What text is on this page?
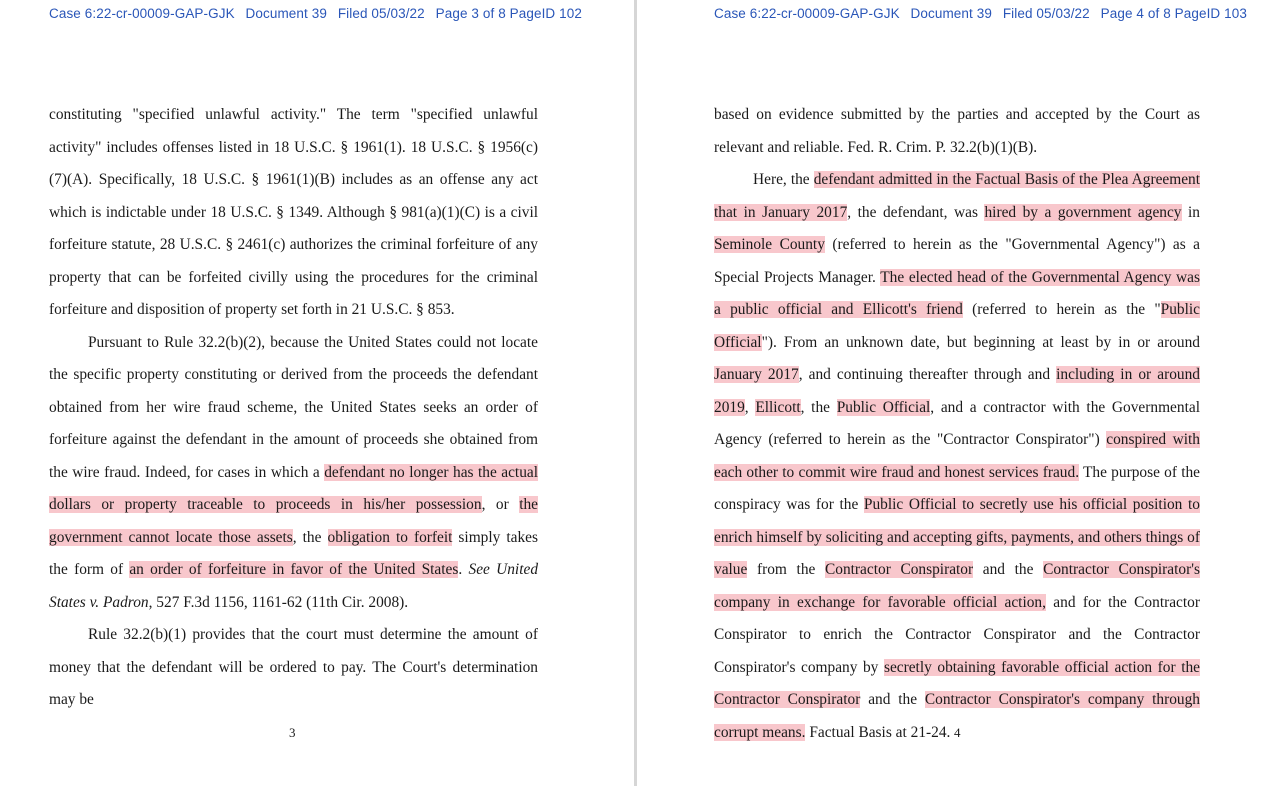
Case 6:22-cr-00009-GAP-GJK Document 39 Filed 05/03/22 Page 3 of 8 PageID 102

constituting "specified unlawful activity." The term "specified unlawful activity" includes offenses listed in 18 U.S.C. § 1961(1). 18 U.S.C. § 1956(c)(7)(A). Specifically, 18 U.S.C. § 1961(1)(B) includes as an offense any act which is indictable under 18 U.S.C. § 1349. Although § 981(a)(1)(C) is a civil forfeiture statute, 28 U.S.C. § 2461(c) authorizes the criminal forfeiture of any property that can be forfeited civilly using the procedures for the criminal forfeiture and disposition of property set forth in 21 U.S.C. § 853.

Pursuant to Rule 32.2(b)(2), because the United States could not locate the specific property constituting or derived from the proceeds the defendant obtained from her wire fraud scheme, the United States seeks an order of forfeiture against the defendant in the amount of proceeds she obtained from the wire fraud. Indeed, for cases in which a defendant no longer has the actual dollars or property traceable to proceeds in his/her possession, or the government cannot locate those assets, the obligation to forfeit simply takes the form of an order of forfeiture in favor of the United States. See United States v. Padron, 527 F.3d 1156, 1161-62 (11th Cir. 2008).

Rule 32.2(b)(1) provides that the court must determine the amount of money that the defendant will be ordered to pay. The Court's determination may be

3
Case 6:22-cr-00009-GAP-GJK Document 39 Filed 05/03/22 Page 4 of 8 PageID 103

based on evidence submitted by the parties and accepted by the Court as relevant and reliable. Fed. R. Crim. P. 32.2(b)(1)(B).

Here, the defendant admitted in the Factual Basis of the Plea Agreement that in January 2017, the defendant, was hired by a government agency in Seminole County (referred to herein as the "Governmental Agency") as a Special Projects Manager. The elected head of the Governmental Agency was a public official and Ellicott's friend (referred to herein as the "Public Official"). From an unknown date, but beginning at least by in or around January 2017, and continuing thereafter through and including in or around 2019, Ellicott, the Public Official, and a contractor with the Governmental Agency (referred to herein as the "Contractor Conspirator") conspired with each other to commit wire fraud and honest services fraud. The purpose of the conspiracy was for the Public Official to secretly use his official position to enrich himself by soliciting and accepting gifts, payments, and others things of value from the Contractor Conspirator and the Contractor Conspirator's company in exchange for favorable official action, and for the Contractor Conspirator to enrich the Contractor Conspirator and the Contractor Conspirator's company by secretly obtaining favorable official action for the Contractor Conspirator and the Contractor Conspirator's company through corrupt means. Factual Basis at 21-24. 4
